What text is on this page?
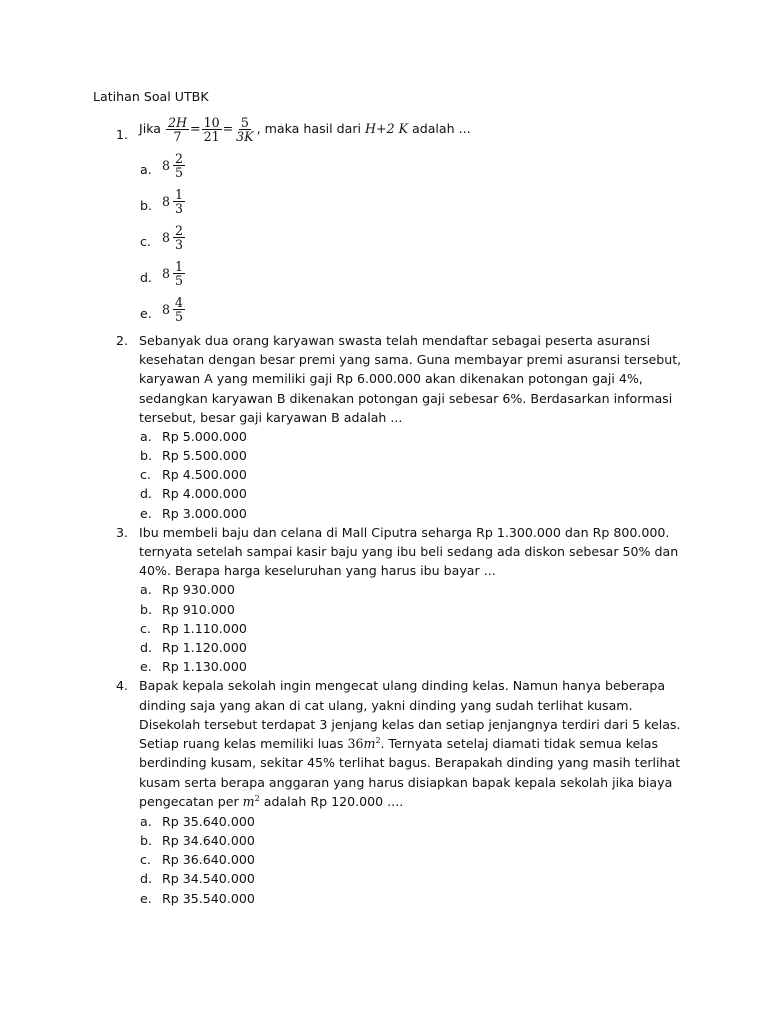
Latihan Soal UTBK
1. Jika $\frac{2H}{7} = \frac{10}{21} = \frac{5}{3K}$ , maka hasil dari H+2 K adalah ...
a. $8 \frac{2}{5}$
b. $8 \frac{1}{3}$
c. $8 \frac{2}{3}$
d. $8 \frac{1}{5}$
e. $8 \frac{4}{5}$
2. Sebanyak dua orang karyawan swasta telah mendaftar sebagai peserta asuransi
kesehatan dengan besar premi yang sama. Guna membayar premi asuransi tersebut,
karyawan A yang memiliki gaji Rp 6.000.000 akan dikenakan potongan gaji 4%,
sedangkan karyawan B dikenakan potongan gaji sebesar 6%. Berdasarkan informasi
tersebut, besar gaji karyawan B adalah ...
a. Rp 5.000.000
b. Rp 5.500.000
c. Rp 4.500.000
d. Rp 4.000.000
e. Rp 3.000.000
3. Ibu membeli baju dan celana di Mall Ciputra seharga Rp 1.300.000 dan Rp 800.000.
ternyata setelah sampai kasir baju yang ibu beli sedang ada diskon sebesar 50% dan
40%. Berapa harga keseluruhan yang harus ibu bayar ...
a. Rp 930.000
b. Rp 910.000
c. Rp 1.110.000
d. Rp 1.120.000
e. Rp 1.130.000
4. Bapak kepala sekolah ingin mengecat ulang dinding kelas. Namun hanya beberapa
dinding saja yang akan di cat ulang, yakni dinding yang sudah terlihat kusam.
Disekolah tersebut terdapat 3 jenjang kelas dan setiap jenjangnya terdiri dari 5 kelas.
Setiap ruang kelas memiliki luas $36m^2$. Ternyata setelaj diamati tidak semua kelas
berdinding kusam, sekitar 45% terlihat bagus. Berapakah dinding yang masih terlihat
kusam serta berapa anggaran yang harus disiapkan bapak kepala sekolah jika biaya
pengecatan per $m^2$ adalah Rp 120.000 ....
a. Rp 35.640.000
b. Rp 34.640.000
c. Rp 36.640.000
d. Rp 34.540.000
e. Rp 35.540.000
